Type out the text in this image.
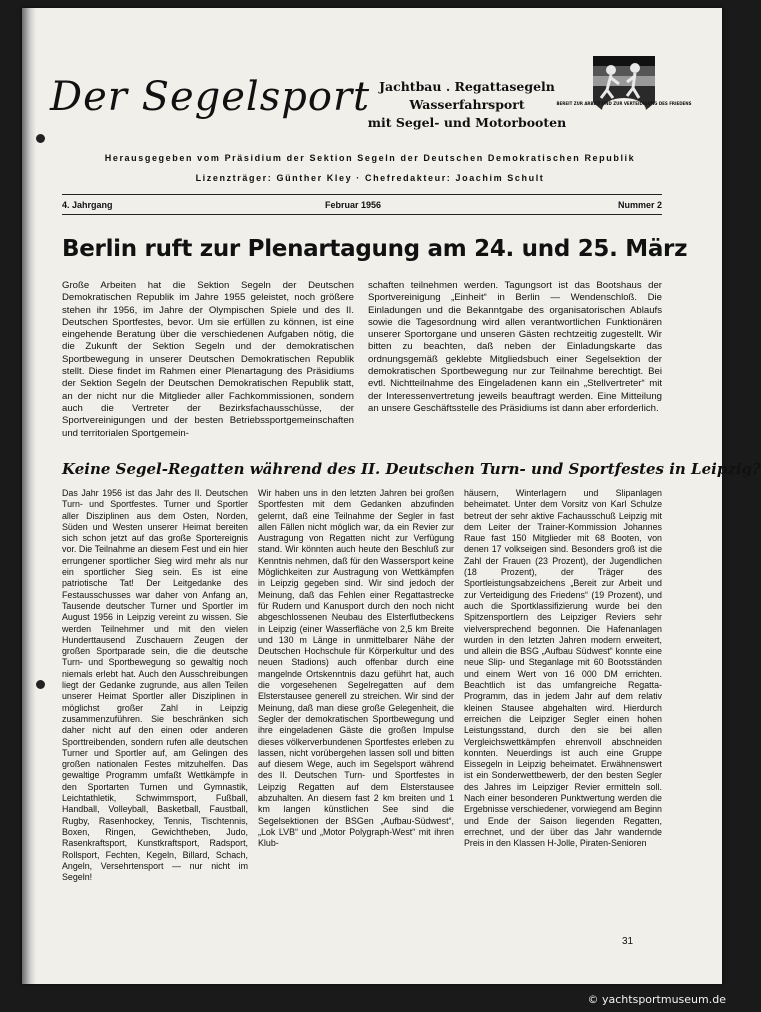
Der Segelsport Jachtbau . Regattasegeln
Wasserfahrsport
mit Segel- und Motorbooten
BEREIT ZUR ARBEIT UND ZUR VERTEIDIGUNG DES FRIEDENS
Herausgegeben vom Präsidium der Sektion Segeln der Deutschen Demokratischen Republik
Lizenzträger: Günther Kley · Chefredakteur: Joachim Schult
4. Jahrgang	Februar 1956	Nummer 2
Berlin ruft zur Plenartagung am 24. und 25. März

Große Arbeiten hat die Sektion Segeln der Deutschen Demokratischen Republik im Jahre 1955 geleistet, noch größere stehen ihr 1956, im Jahre der Olympischen Spiele und des II. Deutschen Sportfestes, bevor. Um sie erfüllen zu können, ist eine eingehende Beratung über die verschiedenen Aufgaben nötig, die die Zukunft der Sektion Segeln und der demokratischen Sportbewegung in unserer Deutschen Demokratischen Republik stellt. Diese findet im Rahmen einer Plenartagung des Präsidiums der Sektion Segeln der Deutschen Demokratischen Republik statt, an der nicht nur die Mitglieder aller Fachkommissionen, sondern auch die Vertreter der Bezirksfachausschüsse, der Sportvereinigungen und der besten Betriebssportgemeinschaften und territorialen Sportgemein-

schaften teilnehmen werden. Tagungsort ist das Bootshaus der Sportvereinigung „Einheit“ in Berlin — Wendenschloß. Die Einladungen und die Bekanntgabe des organisatorischen Ablaufs sowie die Tagesordnung wird allen verantwortlichen Funktionären unserer Sportorgane und unseren Gästen rechtzeitig zugestellt. Wir bitten zu beachten, daß neben der Einladungskarte das ordnungsgemäß geklebte Mitgliedsbuch einer Segelsektion der demokratischen Sportbewegung nur zur Teilnahme berechtigt. Bei evtl. Nichtteilnahme des Eingeladenen kann ein „Stellvertreter“ mit der Interessenvertretung jeweils beauftragt werden. Eine Mitteilung an unsere Geschäftsstelle des Präsidiums ist dann aber erforderlich.

Keine Segel-Regatten während des II. Deutschen Turn- und Sportfestes in Leipzig?

Das Jahr 1956 ist das Jahr des II. Deutschen Turn- und Sportfestes. Turner und Sportler aller Disziplinen aus dem Osten, Norden, Süden und Westen unserer Heimat bereiten sich schon jetzt auf das große Sportereignis vor. Die Teilnahme an diesem Fest und ein hier errungener sportlicher Sieg wird mehr als nur ein sportlicher Sieg sein. Es ist eine patriotische Tat! Der Leitgedanke des Festausschusses war daher von Anfang an, Tausende deutscher Turner und Sportler im August 1956 in Leipzig vereint zu wissen. Sie werden Teilnehmer und mit den vielen Hunderttausend Zuschauern Zeugen der großen Sportparade sein, die die deutsche Turn- und Sportbewegung so gewaltig noch niemals erlebt hat. Auch den Ausschreibungen liegt der Gedanke zugrunde, aus allen Teilen unserer Heimat Sportler aller Disziplinen in möglichst großer Zahl in Leipzig zusammenzuführen. Sie beschränken sich daher nicht auf den einen oder anderen Sporttreibenden, sondern rufen alle deutschen Turner und Sportler auf, am Gelingen des großen nationalen Festes mitzuhelfen. Das gewaltige Programm umfaßt Wettkämpfe in den Sportarten Turnen und Gymnastik, Leichtathletik, Schwimmsport, Fußball, Handball, Volleyball, Basketball, Faustball, Rugby, Rasenhockey, Tennis, Tischtennis, Boxen, Ringen, Gewichtheben, Judo, Rasenkraftsport, Kunstkraftsport, Radsport, Rollsport, Fechten, Kegeln, Billard, Schach, Angeln, Versehrtensport — nur nicht im Segeln!

Wir haben uns in den letzten Jahren bei großen Sportfesten mit dem Gedanken abzufinden gelernt, daß eine Teilnahme der Segler in fast allen Fällen nicht möglich war, da ein Revier zur Austragung von Regatten nicht zur Verfügung stand. Wir könnten auch heute den Beschluß zur Kenntnis nehmen, daß für den Wassersport keine Möglichkeiten zur Austragung von Wettkämpfen in Leipzig gegeben sind. Wir sind jedoch der Meinung, daß das Fehlen einer Regattastrecke für Rudern und Kanusport durch den noch nicht abgeschlossenen Neubau des Elsterflutbeckens in Leipzig (einer Wasserfläche von 2,5 km Breite und 130 m Länge in unmittelbarer Nähe der Deutschen Hochschule für Körperkultur und des neuen Stadions) auch offenbar durch eine mangelnde Ortskenntnis dazu geführt hat, auch die vorgesehenen Segelregatten auf dem Elsterstausee generell zu streichen. Wir sind der Meinung, daß man diese große Gelegenheit, die Segler der demokratischen Sportbewegung und ihre eingeladenen Gäste die großen Impulse dieses völkerverbundenen Sportfestes erleben zu lassen, nicht vorübergehen lassen soll und bitten auf diesem Wege, auch im Segelsport während des II. Deutschen Turn- und Sportfestes in Leipzig Regatten auf dem Elsterstausee abzuhalten. An diesem fast 2 km breiten und 1 km langen künstlichen See sind die Segelsektionen der BSGen „Aufbau-Südwest“, „Lok LVB“ und „Motor Polygraph-West“ mit ihren Klub-

häusern, Winterlagern und Slipanlagen beheimatet. Unter dem Vorsitz von Karl Schulze betreut der sehr aktive Fachausschuß Leipzig mit dem Leiter der Trainer-Kommission Johannes Raue fast 150 Mitglieder mit 68 Booten, von denen 17 volkseigen sind. Besonders groß ist die Zahl der Frauen (23 Prozent), der Jugendlichen (18 Prozent), der Träger des Sportleistungsabzeichens „Bereit zur Arbeit und zur Verteidigung des Friedens“ (19 Prozent), und auch die Sportklassifizierung wurde bei den Spitzensportlern des Leipziger Reviers sehr vielversprechend begonnen. Die Hafenanlagen wurden in den letzten Jahren modern erweitert, und allein die BSG „Aufbau Südwest“ konnte eine neue Slip- und Steganlage mit 60 Bootsständen und einem Wert von 16 000 DM errichten. Beachtlich ist das umfangreiche Regatta-Programm, das in jedem Jahr auf dem relativ kleinen Stausee abgehalten wird. Hierdurch erreichen die Leipziger Segler einen hohen Leistungsstand, durch den sie bei allen Vergleichswettkämpfen ehrenvoll abschneiden konnten. Neuerdings ist auch eine Gruppe Eissegeln in Leipzig beheimatet. Erwähnenswert ist ein Sonderwettbewerb, der den besten Segler des Jahres im Leipziger Revier ermitteln soll. Nach einer besonderen Punktwertung werden die Ergebnisse verschiedener, vorwiegend am Beginn und Ende der Saison liegenden Regatten, errechnet, und der über das Jahr wandernde Preis in den Klassen H-Jolle, Piraten-Senioren

31
© yachtsportmuseum.de
